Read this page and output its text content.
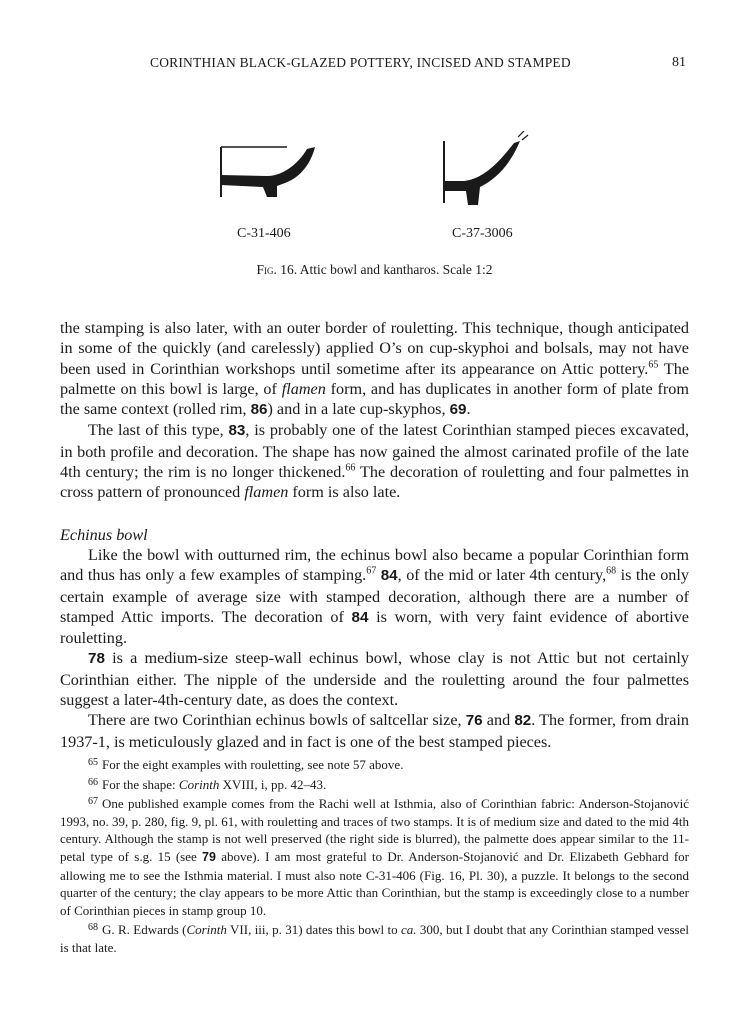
CORINTHIAN BLACK-GLAZED POTTERY, INCISED AND STAMPED	81
C-31-406	C-37-3006
Fig. 16. Attic bowl and kantharos. Scale 1:2

the stamping is also later, with an outer border of rouletting. This technique, though anticipated in some of the quickly (and carelessly) applied O’s on cup-skyphoi and bolsals, may not have been used in Corinthian workshops until sometime after its appearance on Attic pottery.$^{65}$ The palmette on this bowl is large, of flamen form, and has duplicates in another form of plate from the same context (rolled rim, 86) and in a late cup-skyphos, 69.

The last of this type, 83, is probably one of the latest Corinthian stamped pieces excavated, in both profile and decoration. The shape has now gained the almost carinated profile of the late 4th century; the rim is no longer thickened.$^{66}$ The decoration of rouletting and four palmettes in cross pattern of pronounced flamen form is also late.

Echinus bowl

Like the bowl with outturned rim, the echinus bowl also became a popular Corinthian form and thus has only a few examples of stamping.$^{67}$ 84, of the mid or later 4th century,$^{68}$ is the only certain example of average size with stamped decoration, although there are a number of stamped Attic imports. The decoration of 84 is worn, with very faint evidence of abortive rouletting.

78 is a medium-size steep-wall echinus bowl, whose clay is not Attic but not certainly Corinthian either. The nipple of the underside and the rouletting around the four palmettes suggest a later-4th-century date, as does the context.

There are two Corinthian echinus bowls of saltcellar size, 76 and 82. The former, from drain 1937-1, is meticulously glazed and in fact is one of the best stamped pieces.

$^{65}$ For the eight examples with rouletting, see note 57 above.

$^{66}$ For the shape: Corinth XVIII, i, pp. 42–43.

$^{67}$ One published example comes from the Rachi well at Isthmia, also of Corinthian fabric: Anderson-Stojanović 1993, no. 39, p. 280, fig. 9, pl. 61, with rouletting and traces of two stamps. It is of medium size and dated to the mid 4th century. Although the stamp is not well preserved (the right side is blurred), the palmette does appear similar to the 11-petal type of s.g. 15 (see 79 above). I am most grateful to Dr. Anderson-Stojanović and Dr. Elizabeth Gebhard for allowing me to see the Isthmia material. I must also note C-31-406 (Fig. 16, Pl. 30), a puzzle. It belongs to the second quarter of the century; the clay appears to be more Attic than Corinthian, but the stamp is exceedingly close to a number of Corinthian pieces in stamp group 10.

$^{68}$ G. R. Edwards (Corinth VII, iii, p. 31) dates this bowl to ca. 300, but I doubt that any Corinthian stamped vessel is that late.
